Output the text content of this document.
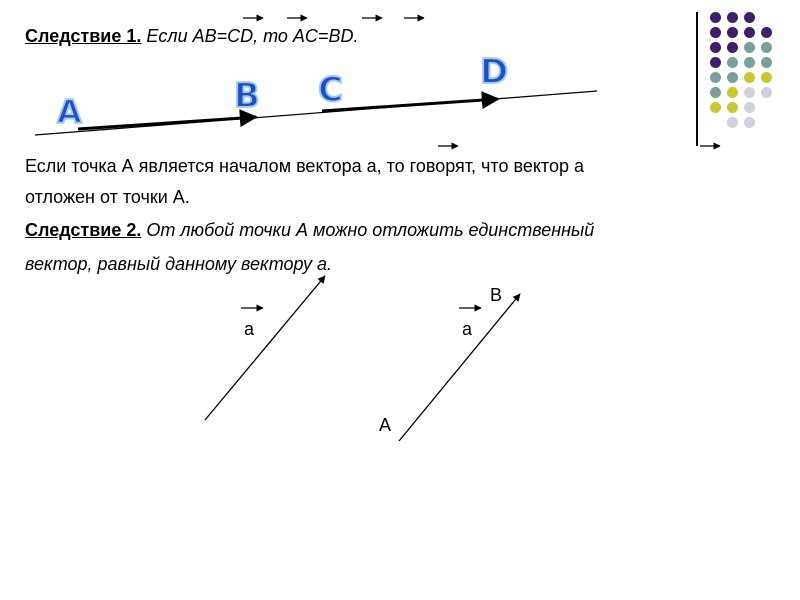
Следствие 1. Если AB=CD, то AC=BD.
A	B C	D
Если точка А является началом вектора а, то говорят, что вектор а
отложен от точки А.
Следствие 2. От любой точки А можно отложить единственный
вектор, равный данному вектору а.
a	a
B
A
